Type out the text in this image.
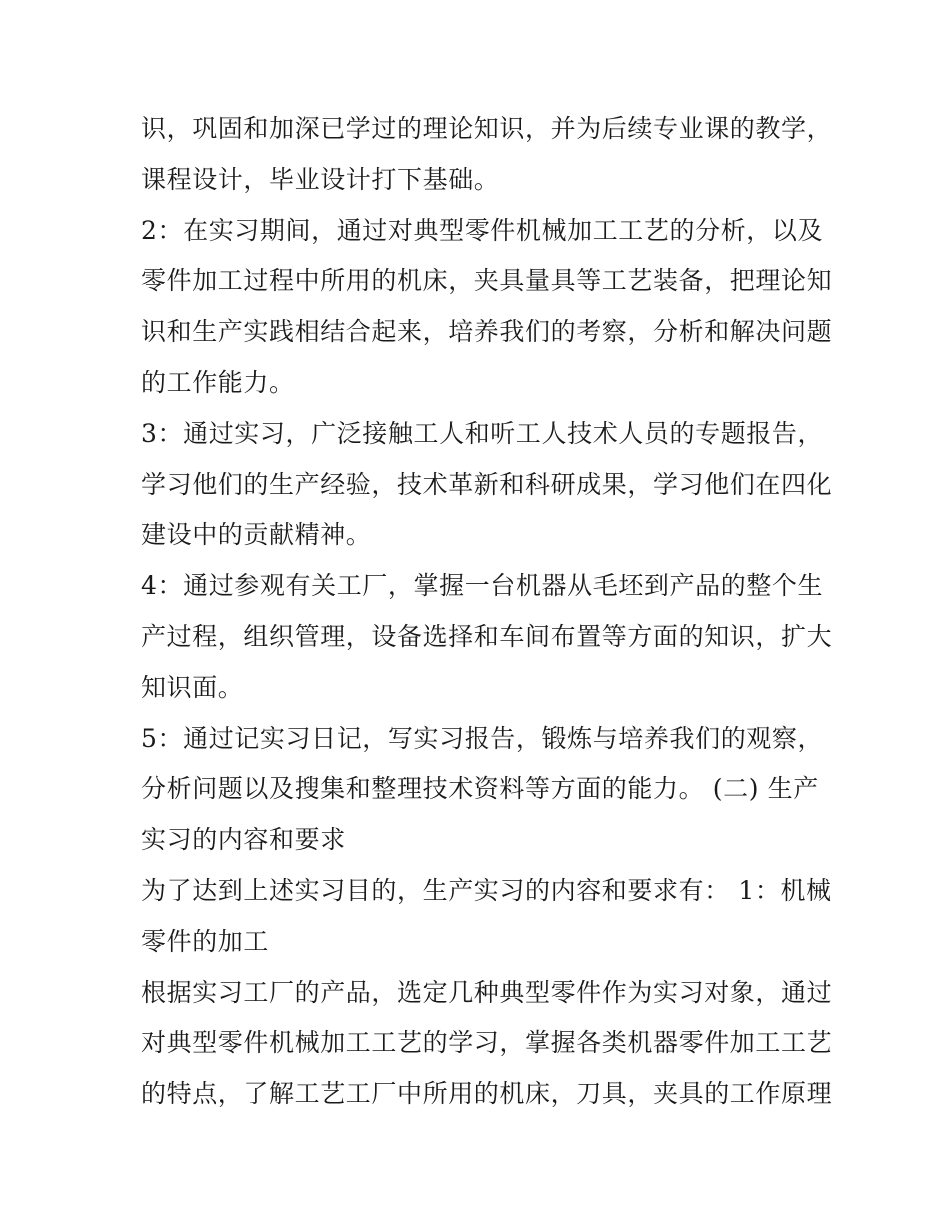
识，巩固和加深已学过的理论知识，并为后续专业课的教学，
课程设计，毕业设计打下基础。
2：在实习期间，通过对典型零件机械加工工艺的分析，以及
零件加工过程中所用的机床，夹具量具等工艺装备，把理论知
识和生产实践相结合起来，培养我们的考察，分析和解决问题
的工作能力。
3：通过实习，广泛接触工人和听工人技术人员的专题报告，
学习他们的生产经验，技术革新和科研成果，学习他们在四化
建设中的贡献精神。
4：通过参观有关工厂，掌握一台机器从毛坯到产品的整个生
产过程，组织管理，设备选择和车间布置等方面的知识，扩大
知识面。
5：通过记实习日记，写实习报告，锻炼与培养我们的观察，
分析问题以及搜集和整理技术资料等方面的能力。 (二) 生产
实习的内容和要求
为了达到上述实习目的，生产实习的内容和要求有： 1：机械
零件的加工
根据实习工厂的产品，选定几种典型零件作为实习对象，通过
对典型零件机械加工工艺的学习，掌握各类机器零件加工工艺
的特点，了解工艺工厂中所用的机床，刀具，夹具的工作原理
